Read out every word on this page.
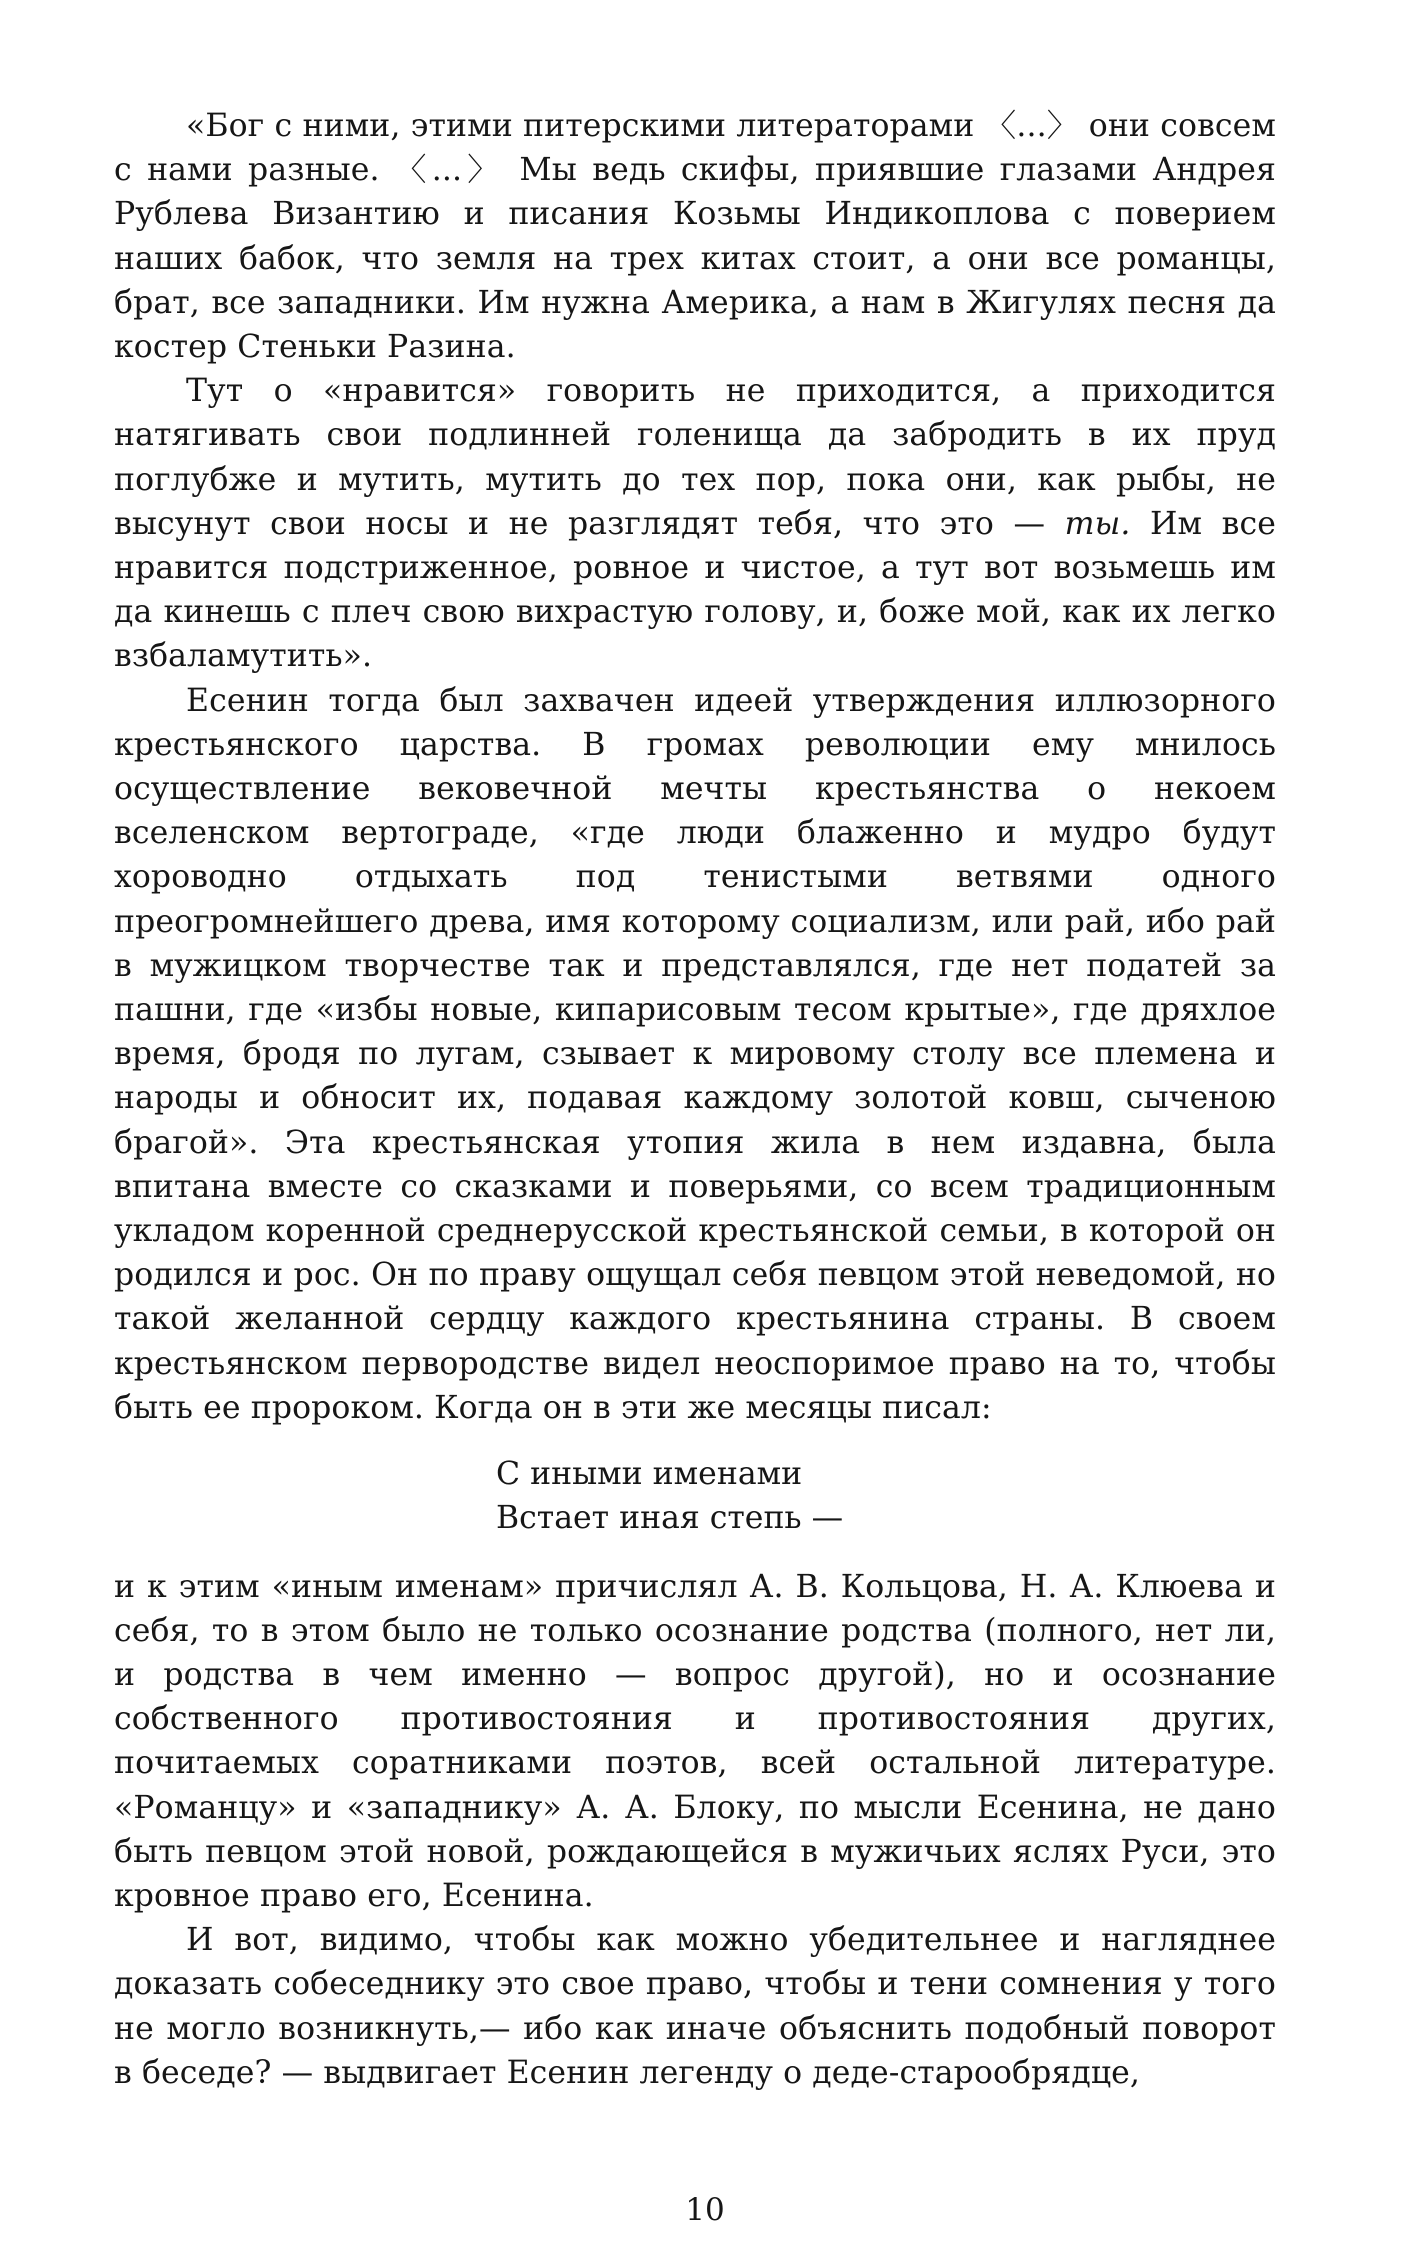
«Бог с ними, этими питерскими литераторами 〈...〉 они совсем с нами разные. 〈...〉 Мы ведь скифы, приявшие глазами Андрея Рублева Византию и писания Козьмы Индикоплова с поверием наших бабок, что земля на трех китах стоит, а они все романцы, брат, все западники. Им нужна Америка, а нам в Жигулях песня да костер Стеньки Разина.

Тут о «нравится» говорить не приходится, а приходится натягивать свои подлинней голенища да забродить в их пруд поглубже и мутить, мутить до тех пор, пока они, как рыбы, не высунут свои носы и не разглядят тебя, что это — ты. Им все нравится подстриженное, ровное и чистое, а тут вот возьмешь им да кинешь с плеч свою вихрастую голову, и, боже мой, как их легко взбаламутить».

Есенин тогда был захвачен идеей утверждения иллюзорного крестьянского царства. В громах революции ему мнилось осуществление вековечной мечты крестьянства о некоем вселенском вертограде, «где люди блаженно и мудро будут хороводно отдыхать под тенистыми ветвями одного преогромнейшего древа, имя которому социализм, или рай, ибо рай в мужицком творчестве так и представлялся, где нет податей за пашни, где «избы новые, кипарисовым тесом крытые», где дряхлое время, бродя по лугам, сзывает к мировому столу все племена и народы и обносит их, подавая каждому золотой ковш, сыченою брагой». Эта крестьянская утопия жила в нем издавна, была впитана вместе со сказками и поверьями, со всем традиционным укладом коренной среднерусской крестьянской семьи, в которой он родился и рос. Он по праву ощущал себя певцом этой неведомой, но такой желанной сердцу каждого крестьянина страны. В своем крестьянском первородстве видел неоспоримое право на то, чтобы быть ее пророком. Когда он в эти же месяцы писал:

С иными именами
Встает иная степь —

и к этим «иным именам» причислял А. В. Кольцова, Н. А. Клюева и себя, то в этом было не только осознание родства (полного, нет ли, и родства в чем именно — вопрос другой), но и осознание собственного противостояния и противостояния других, почитаемых соратниками поэтов, всей остальной литературе. «Романцу» и «западнику» А. А. Блоку, по мысли Есенина, не дано быть певцом этой новой, рождающейся в мужичьих яслях Руси, это кровное право его, Есенина.

И вот, видимо, чтобы как можно убедительнее и нагляднее доказать собеседнику это свое право, чтобы и тени сомнения у того не могло возникнуть,— ибо как иначе объяснить подобный поворот в беседе? — выдвигает Есенин легенду о деде-старообрядце,

10
